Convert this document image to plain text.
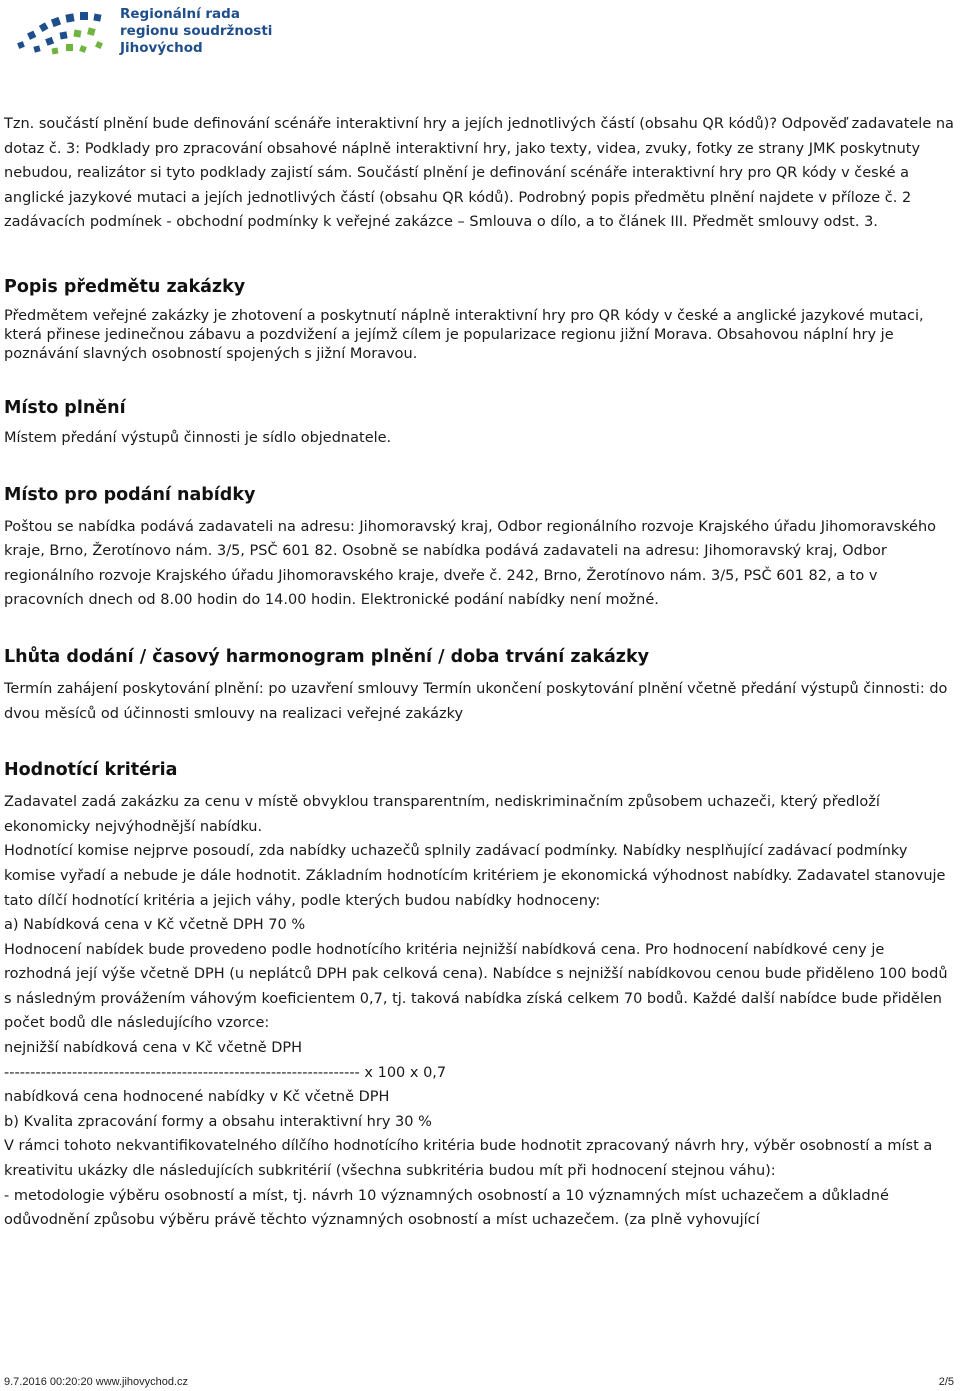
Regionální rada
regionu soudržnosti
Jihovýchod

Tzn. součástí plnění bude definování scénáře interaktivní hry a jejích jednotlivých částí (obsahu QR kódů)? Odpověď zadavatele na dotaz č. 3: Podklady pro zpracování obsahové náplně interaktivní hry, jako texty, videa, zvuky, fotky ze strany JMK poskytnuty nebudou, realizátor si tyto podklady zajistí sám. Součástí plnění je definování scénáře interaktivní hry pro QR kódy v české a anglické jazykové mutaci a jejích jednotlivých částí (obsahu QR kódů). Podrobný popis předmětu plnění najdete v příloze č. 2 zadávacích podmínek - obchodní podmínky k veřejné zakázce – Smlouva o dílo, a to článek III. Předmět smlouvy odst. 3.

Popis předmětu zakázky

Předmětem veřejné zakázky je zhotovení a poskytnutí náplně interaktivní hry pro QR kódy v české a anglické jazykové mutaci, která přinese jedinečnou zábavu a pozdvižení a jejímž cílem je popularizace regionu jižní Morava. Obsahovou náplní hry je poznávání slavných osobností spojených s jižní Moravou.

Místo plnění

Místem předání výstupů činnosti je sídlo objednatele.

Místo pro podání nabídky

Poštou se nabídka podává zadavateli na adresu: Jihomoravský kraj, Odbor regionálního rozvoje Krajského úřadu Jihomoravského kraje, Brno, Žerotínovo nám. 3/5, PSČ 601 82. Osobně se nabídka podává zadavateli na adresu: Jihomoravský kraj, Odbor regionálního rozvoje Krajského úřadu Jihomoravského kraje, dveře č. 242, Brno, Žerotínovo nám. 3/5, PSČ 601 82, a to v pracovních dnech od 8.00 hodin do 14.00 hodin. Elektronické podání nabídky není možné.

Lhůta dodání / časový harmonogram plnění / doba trvání zakázky

Termín zahájení poskytování plnění: po uzavření smlouvy Termín ukončení poskytování plnění včetně předání výstupů činnosti: do dvou měsíců od účinnosti smlouvy na realizaci veřejné zakázky

Hodnotící kritéria

Zadavatel zadá zakázku za cenu v místě obvyklou transparentním, nediskriminačním způsobem uchazeči, který předloží ekonomicky nejvýhodnější nabídku.

Hodnotící komise nejprve posoudí, zda nabídky uchazečů splnily zadávací podmínky. Nabídky nesplňující zadávací podmínky komise vyřadí a nebude je dále hodnotit. Základním hodnotícím kritériem je ekonomická výhodnost nabídky. Zadavatel stanovuje tato dílčí hodnotící kritéria a jejich váhy, podle kterých budou nabídky hodnoceny:

a) Nabídková cena v Kč včetně DPH 70 %

Hodnocení nabídek bude provedeno podle hodnotícího kritéria nejnižší nabídková cena. Pro hodnocení nabídkové ceny je rozhodná její výše včetně DPH (u neplátců DPH pak celková cena). Nabídce s nejnižší nabídkovou cenou bude přiděleno 100 bodů s následným provážením váhovým koeficientem 0,7, tj. taková nabídka získá celkem 70 bodů. Každé další nabídce bude přidělen počet bodů dle následujícího vzorce:

nejnižší nabídková cena v Kč včetně DPH

-------------------------------------------------------------------- x 100 x 0,7

nabídková cena hodnocené nabídky v Kč včetně DPH

b) Kvalita zpracování formy a obsahu interaktivní hry 30 %

V rámci tohoto nekvantifikovatelného dílčího hodnotícího kritéria bude hodnotit zpracovaný návrh hry, výběr osobností a míst a kreativitu ukázky dle následujících subkritérií (všechna subkritéria budou mít při hodnocení stejnou váhu):

- metodologie výběru osobností a míst, tj. návrh 10 významných osobností a 10 významných míst uchazečem a důkladné odůvodnění způsobu výběru právě těchto významných osobností a míst uchazečem. (za plně vyhovující

9.7.2016 00:20:20 www.jihovychod.cz	2/5
